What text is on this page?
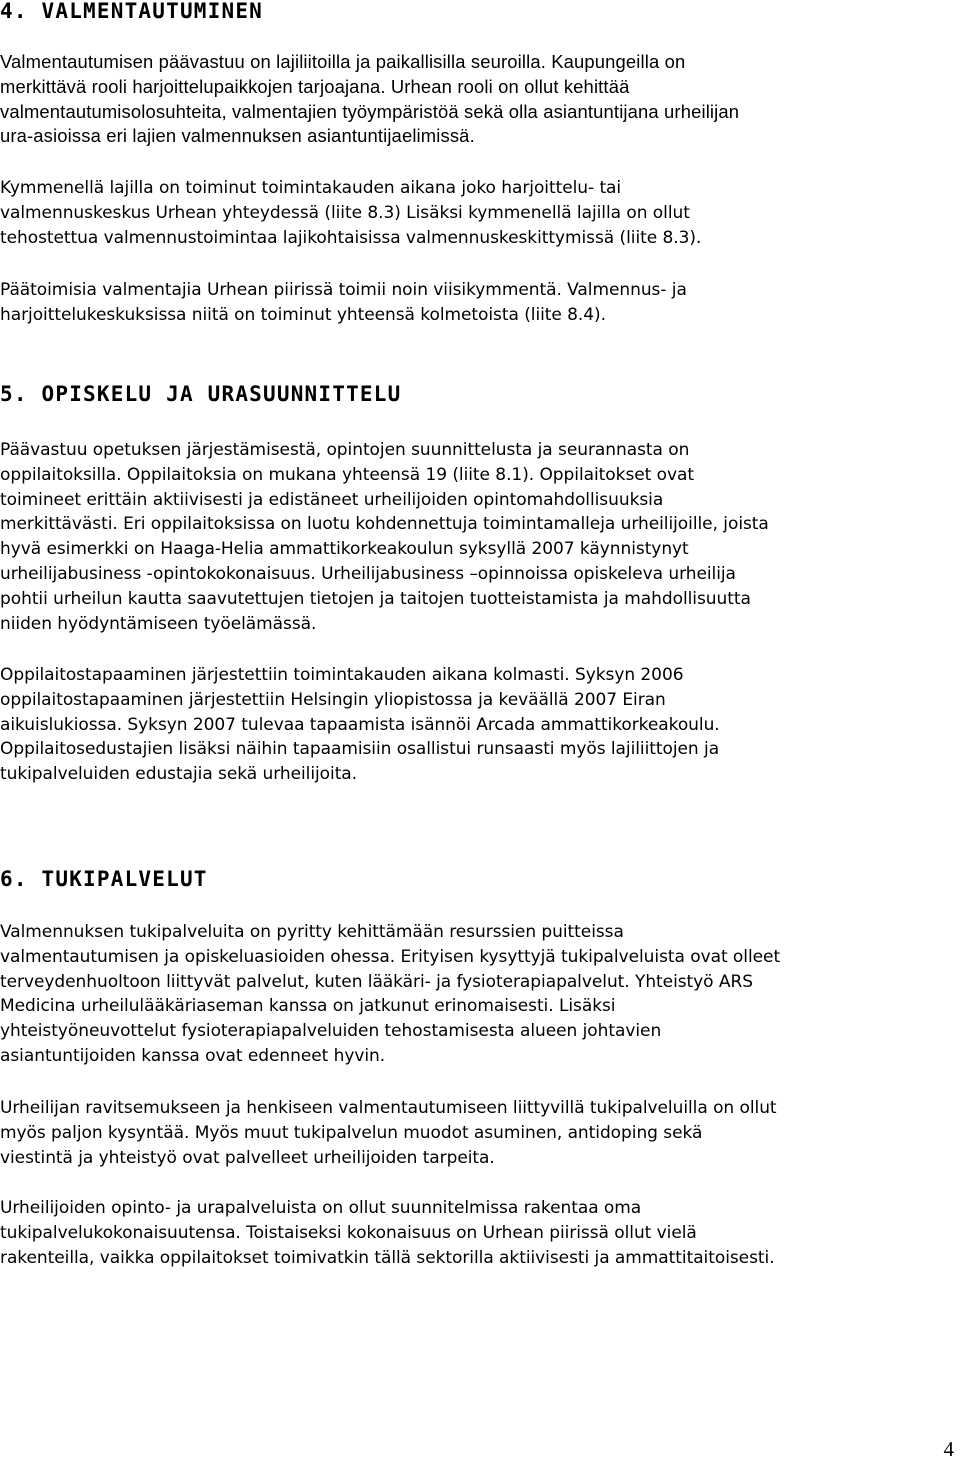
4. VALMENTAUTUMINEN

Valmentautumisen päävastuu on lajiliitoilla ja paikallisilla seuroilla. Kaupungeilla on
merkittävä rooli harjoittelupaikkojen tarjoajana. Urhean rooli on ollut kehittää
valmentautumisolosuhteita, valmentajien työympäristöä sekä olla asiantuntijana urheilijan
ura-asioissa eri lajien valmennuksen asiantuntijaelimissä.

Kymmenellä lajilla on toiminut toimintakauden aikana joko harjoittelu- tai
valmennuskeskus Urhean yhteydessä (liite 8.3) Lisäksi kymmenellä lajilla on ollut
tehostettua valmennustoimintaa lajikohtaisissa valmennuskeskittymissä (liite 8.3).

Päätoimisia valmentajia Urhean piirissä toimii noin viisikymmentä. Valmennus- ja
harjoittelukeskuksissa niitä on toiminut yhteensä kolmetoista (liite 8.4).

5. OPISKELU JA URASUUNNITTELU

Päävastuu opetuksen järjestämisestä, opintojen suunnittelusta ja seurannasta on
oppilaitoksilla. Oppilaitoksia on mukana yhteensä 19 (liite 8.1). Oppilaitokset ovat
toimineet erittäin aktiivisesti ja edistäneet urheilijoiden opintomahdollisuuksia
merkittävästi. Eri oppilaitoksissa on luotu kohdennettuja toimintamalleja urheilijoille, joista
hyvä esimerkki on Haaga-Helia ammattikorkeakoulun syksyllä 2007 käynnistynyt
urheilijabusiness -opintokokonaisuus. Urheilijabusiness –opinnoissa opiskeleva urheilija
pohtii urheilun kautta saavutettujen tietojen ja taitojen tuotteistamista ja mahdollisuutta
niiden hyödyntämiseen työelämässä.

Oppilaitostapaaminen järjestettiin toimintakauden aikana kolmasti. Syksyn 2006
oppilaitostapaaminen järjestettiin Helsingin yliopistossa ja keväällä 2007 Eiran
aikuislukiossa. Syksyn 2007 tulevaa tapaamista isännöi Arcada ammattikorkeakoulu.
Oppilaitosedustajien lisäksi näihin tapaamisiin osallistui runsaasti myös lajiliittojen ja
tukipalveluiden edustajia sekä urheilijoita.

6. TUKIPALVELUT

Valmennuksen tukipalveluita on pyritty kehittämään resurssien puitteissa
valmentautumisen ja opiskeluasioiden ohessa. Erityisen kysyttyjä tukipalveluista ovat olleet
terveydenhuoltoon liittyvät palvelut, kuten lääkäri- ja fysioterapiapalvelut. Yhteistyö ARS
Medicina urheilulääkäriaseman kanssa on jatkunut erinomaisesti. Lisäksi
yhteistyöneuvottelut fysioterapiapalveluiden tehostamisesta alueen johtavien
asiantuntijoiden kanssa ovat edenneet hyvin.

Urheilijan ravitsemukseen ja henkiseen valmentautumiseen liittyvillä tukipalveluilla on ollut
myös paljon kysyntää. Myös muut tukipalvelun muodot asuminen, antidoping sekä
viestintä ja yhteistyö ovat palvelleet urheilijoiden tarpeita.

Urheilijoiden opinto- ja urapalveluista on ollut suunnitelmissa rakentaa oma
tukipalvelukokonaisuutensa. Toistaiseksi kokonaisuus on Urhean piirissä ollut vielä
rakenteilla, vaikka oppilaitokset toimivatkin tällä sektorilla aktiivisesti ja ammattitaitoisesti.

4
